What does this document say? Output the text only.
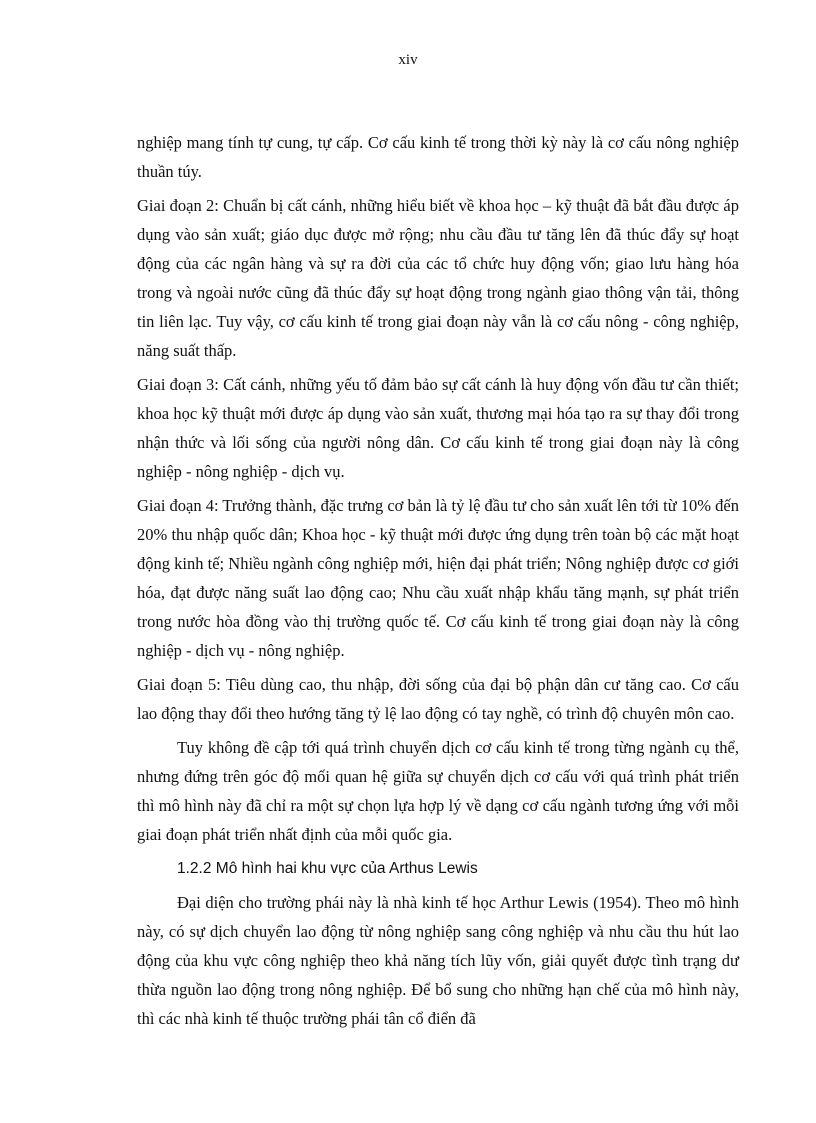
xiv

nghiệp mang tính tự cung, tự cấp. Cơ cấu kinh tế trong thời kỳ này là cơ cấu nông nghiệp thuần túy.

Giai đoạn 2: Chuẩn bị cất cánh, những hiểu biết về khoa học – kỹ thuật đã bắt đầu được áp dụng vào sản xuất; giáo dục được mở rộng; nhu cầu đầu tư tăng lên đã thúc đẩy sự hoạt động của các ngân hàng và sự ra đời của các tổ chức huy động vốn; giao lưu hàng hóa trong và ngoài nước cũng đã thúc đẩy sự hoạt động trong ngành giao thông vận tải, thông tin liên lạc. Tuy vậy, cơ cấu kinh tế trong giai đoạn này vẫn là cơ cấu nông - công nghiệp, năng suất thấp.

Giai đoạn 3: Cất cánh, những yếu tố đảm bảo sự cất cánh là huy động vốn đầu tư cần thiết; khoa học kỹ thuật mới được áp dụng vào sản xuất, thương mại hóa tạo ra sự thay đổi trong nhận thức và lối sống của người nông dân. Cơ cấu kinh tế trong giai đoạn này là công nghiệp - nông nghiệp - dịch vụ.

Giai đoạn 4: Trưởng thành, đặc trưng cơ bản là tỷ lệ đầu tư cho sản xuất lên tới từ 10% đến 20% thu nhập quốc dân; Khoa học - kỹ thuật mới được ứng dụng trên toàn bộ các mặt hoạt động kinh tế; Nhiều ngành công nghiệp mới, hiện đại phát triển; Nông nghiệp được cơ giới hóa, đạt được năng suất lao động cao; Nhu cầu xuất nhập khẩu tăng mạnh, sự phát triển trong nước hòa đồng vào thị trường quốc tế. Cơ cấu kinh tế trong giai đoạn này là công nghiệp - dịch vụ - nông nghiệp.

Giai đoạn 5: Tiêu dùng cao, thu nhập, đời sống của đại bộ phận dân cư tăng cao. Cơ cấu lao động thay đổi theo hướng tăng tỷ lệ lao động có tay nghề, có trình độ chuyên môn cao.

Tuy không đề cập tới quá trình chuyển dịch cơ cấu kinh tế trong từng ngành cụ thể, nhưng đứng trên góc độ mối quan hệ giữa sự chuyển dịch cơ cấu với quá trình phát triển thì mô hình này đã chỉ ra một sự chọn lựa hợp lý về dạng cơ cấu ngành tương ứng với mỗi giai đoạn phát triển nhất định của mỗi quốc gia.

1.2.2 Mô hình hai khu vực của Arthus Lewis

Đại diện cho trường phái này là nhà kinh tế học Arthur Lewis (1954). Theo mô hình này, có sự dịch chuyển lao động từ nông nghiệp sang công nghiệp và nhu cầu thu hút lao động của khu vực công nghiệp theo khả năng tích lũy vốn, giải quyết được tình trạng dư thừa nguồn lao động trong nông nghiệp. Để bổ sung cho những hạn chế của mô hình này, thì các nhà kinh tế thuộc trường phái tân cổ điển đã
